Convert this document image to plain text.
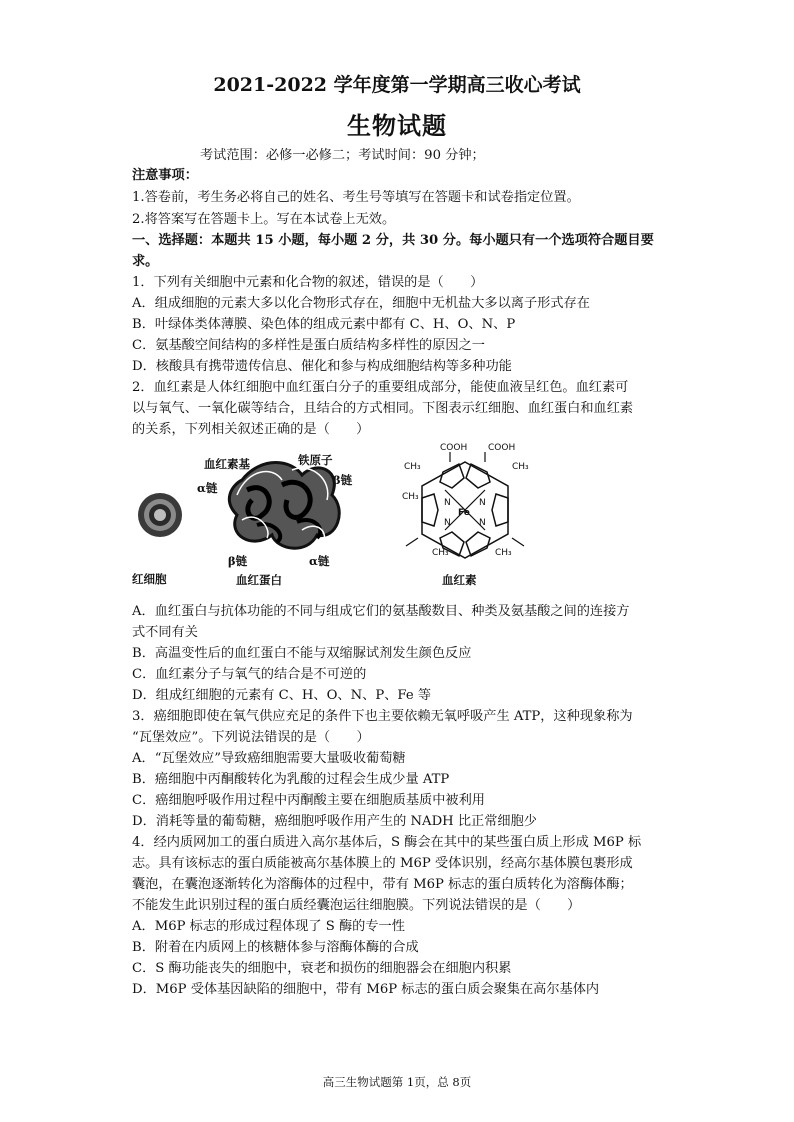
2021-2022 学年度第一学期高三收心考试
生物试题
考试范围：必修一必修二；考试时间：90 分钟；
注意事项：
1.答卷前，考生务必将自己的姓名、考生号等填写在答题卡和试卷指定位置。
2.将答案写在答题卡上。写在本试卷上无效。
一、选择题：本题共 15 小题，每小题 2 分，共 30 分。每小题只有一个选项符合题目要
求。
1．下列有关细胞中元素和化合物的叙述，错误的是（　　）
A．组成细胞的元素大多以化合物形式存在，细胞中无机盐大多以离子形式存在
B．叶绿体类体薄膜、染色体的组成元素中都有 C、H、O、N、P
C．氨基酸空间结构的多样性是蛋白质结构多样性的原因之一
D．核酸具有携带遗传信息、催化和参与构成细胞结构等多种功能
2．血红素是人体红细胞中血红蛋白分子的重要组成部分，能使血液呈红色。血红素可
以与氧气、一氧化碳等结合，且结合的方式相同。下图表示红细胞、血红蛋白和血红素
的关系，下列相关叙述正确的是（　　）
红细胞
血红素基	铁原子
α链
β链
β链	α链
血红蛋白
COOH COOH
CH₃	CH₃
CH₃
CH₃	CH₃
N	N
N	N
Fe
血红素
A．血红蛋白与抗体功能的不同与组成它们的氨基酸数目、种类及氨基酸之间的连接方
式不同有关
B．高温变性后的血红蛋白不能与双缩脲试剂发生颜色反应
C．血红素分子与氧气的结合是不可逆的
D．组成红细胞的元素有 C、H、O、N、P、Fe 等
3．癌细胞即使在氧气供应充足的条件下也主要依赖无氧呼吸产生 ATP，这种现象称为
“瓦堡效应”。下列说法错误的是（　　）
A．“瓦堡效应”导致癌细胞需要大量吸收葡萄糖
B．癌细胞中丙酮酸转化为乳酸的过程会生成少量 ATP
C．癌细胞呼吸作用过程中丙酮酸主要在细胞质基质中被利用
D．消耗等量的葡萄糖，癌细胞呼吸作用产生的 NADH 比正常细胞少
4．经内质网加工的蛋白质进入高尔基体后，S 酶会在其中的某些蛋白质上形成 M6P 标
志。具有该标志的蛋白质能被高尔基体膜上的 M6P 受体识别，经高尔基体膜包裹形成
囊泡，在囊泡逐渐转化为溶酶体的过程中，带有 M6P 标志的蛋白质转化为溶酶体酶；
不能发生此识别过程的蛋白质经囊泡运往细胞膜。下列说法错误的是（　　）
A．M6P 标志的形成过程体现了 S 酶的专一性
B．附着在内质网上的核糖体参与溶酶体酶的合成
C．S 酶功能丧失的细胞中，衰老和损伤的细胞器会在细胞内积累
D．M6P 受体基因缺陷的细胞中，带有 M6P 标志的蛋白质会聚集在高尔基体内
高三生物试题第 1页，总 8页
